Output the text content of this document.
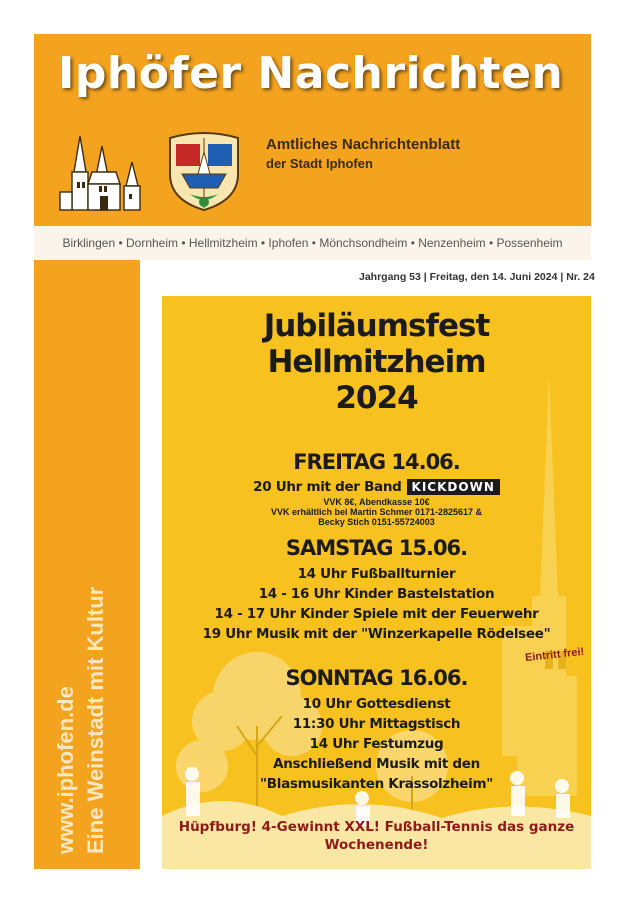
Iphöfer Nachrichten
Amtliches Nachrichtenblatt
der Stadt Iphofen
Birklingen • Dornheim • Hellmitzheim • Iphofen • Mönchsondheim • Nenzenheim • Possenheim
www.iphofen.de Eine Weinstadt mit Kultur
Jahrgang 53 | Freitag, den 14. Juni 2024 | Nr. 24
Jubiläumsfest
Hellmitzheim
2024
FREITAG 14.06.
20 Uhr mit der Band KICKDOWN
VVK 8€, Abendkasse 10€
VVK erhältlich bei Martin Schmer 0171-2825617 &
Becky Stich 0151-55724003
SAMSTAG 15.06.
14 Uhr Fußballturnier
14 - 16 Uhr Kinder Bastelstation
14 - 17 Uhr Kinder Spiele mit der Feuerwehr
19 Uhr Musik mit der "Winzerkapelle Rödelsee"
Eintritt frei!
SONNTAG 16.06.
10 Uhr Gottesdienst
11:30 Uhr Mittagstisch
14 Uhr Festumzug
Anschließend Musik mit den
"Blasmusikanten Krassolzheim"
Hüpfburg! 4-Gewinnt XXL! Fußball-Tennis das ganze
Wochenende!
